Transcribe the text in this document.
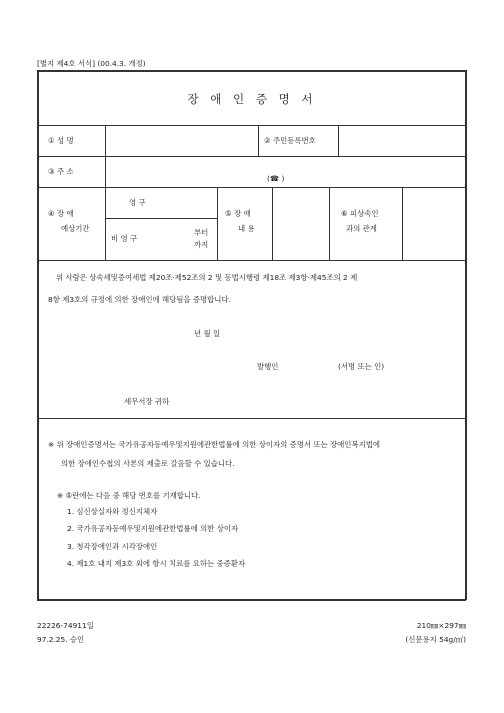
[별지 제4호 서식] (00.4.3. 개정)
장 애 인 증 명 서
① 성 명	② 주민등록번호
③ 주 소
(☎ )
④ 장 애
예상기간
영 구
비 영 구
부터
까지
⑤ 장 애
내 용
⑥ 피상속인
과의 관계
위 사람은 상속세및증여세법 제20조·제52조의 2 및 동법시행령 제18조 제3항·제45조의 2 제
8항 제3호의 규정에 의한 장애인에 해당됨을 증명합니다.
년 월 일
발행인	(서명 또는 인)
세무서장 귀하
※ 위 장애인증명서는 국가유공자등예우및지원에관한법률에 의한 상이자의 증명서 또는 장애인복지법에
의한 장애인수첩의 사본의 제출로 갈음할 수 있습니다.
※ ⑤란에는 다음 중 해당 번호를 기재합니다.
1. 심신상실자와 정신지체자
2. 국가유공자등예우및지원에관한법률에 의한 상이자
3. 청각장애인과 시각장애인
4. 제1호 내지 제3호 외에 항시 치료를 요하는 중증환자
22226-74911일
97.2.25. 승인
210㎜×297㎜
(신문용지 54g/㎡)
